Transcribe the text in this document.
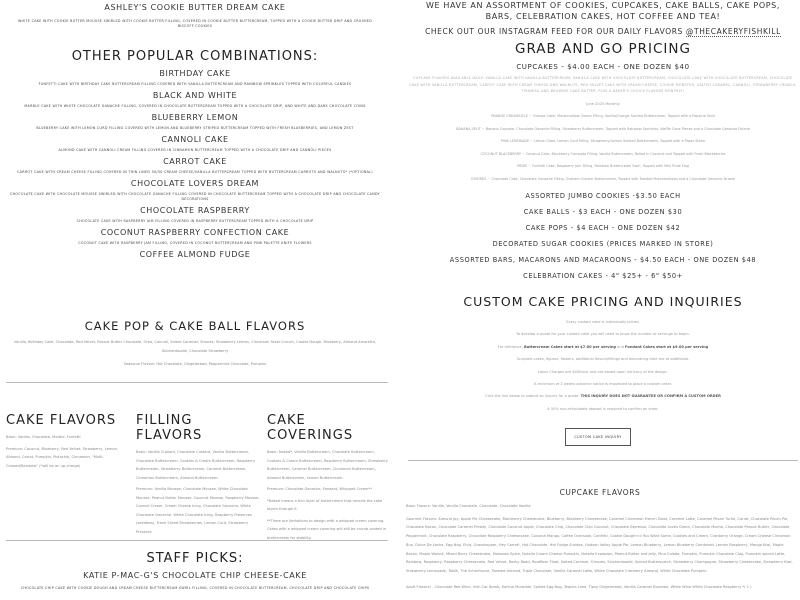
ASHLEY'S COOKIE BUTTER DREAM CAKE
WHITE CAKE WITH COOKIE BUTTER MOUSSE SWIRLED WITH COOKIE BUTTER FILLING, COVERED IN COOKIE BUTTER BUTTERCREAM, TOPPED WITH A COOKIE BUTTER DRIP AND CRUSHED BISCOFF COOKIES
OTHER POPULAR COMBINATIONS:
BIRTHDAY CAKE
FUNFETTI CAKE WITH BIRTHDAY CAKE BUTTERCREAM FILLING COVERED WITH VANILLA BUTTERCREAM AND RAINBOW SPRINKLES TOPPED WITH COLORFUL CANDIES
BLACK AND WHITE
MARBLE CAKE WITH WHITE CHOCOLATE GANACHE FILLING, COVERED IN CHOCOLATE BUTTERCREAM TOPPED WITH A CHOCOLATE DRIP, AND WHITE AND DARK CHOCOLATE COINS
BLUEBERRY LEMON
BLUEBERRY CAKE WITH LEMON CURD FILLING COVERED WITH LEMON AND BLUEBERRY STRIPED BUTTERCREAM TOPPED WITH FRESH BLUEBERRIES, AND LEMON ZEST
CANNOLI CAKE
ALMOND CAKE WITH CANNOLI CREAM FILLING COVERED IN CINNAMON BUTTERCREAM TOPPED WITH A CHOCOLATE DRIP AND CANNOLI PIECES
CARROT CAKE
CARROT CAKE WITH CREAM CHEESE FILLING COVERED IN THIN LINED 50/50 CREAM CHEESE/VANILLA BUTTERCREAM TOPPED WITH BUTTERCREAM CARROTS AND WALNUTS* (*OPTIONAL)
CHOCOLATE LOVERS DREAM
CHOCOLATE CAKE WITH CHOCOLATE MOUSSE SWIRLED WITH CHOCOLATE GANACHE FILLING COVERED IN CHOCOLATE BUTTERCREAM TOPPED WITH A CHOCOLATE DRIP AND CHOCOLATE CANDY DECORATIONS
CHOCOLATE RASPBERRY
CHOCOLATE CAKE WITH RASPBERRY JAM FILLING COVERED IN RASPBERRY BUTTERCREAM TOPPED WITH A CHOCOLATE DRIP
COCONUT RASPBERRY CONFECTION CAKE
COCONUT CAKE WITH RASPBERRY JAM FILLING, COVERED IN COCONUT BUTTERCREAM AND PINK PALETTE KNIFE FLOWERS
COFFEE ALMOND FUDGE
CAKE POP & CAKE BALL FLAVORS
Vanilla, Birthday Cake, Chocolate, Red Velvet, Peanut Butter Chocolate, Oreo, Cannoli, Salted Caramel, Smores, Strawberry Lemon, Cinnamon Toast Crunch, Cookie Dough, Blueberry, Almond Amaretto, Snickerdoodle, Chocolate Strawberry
Seasonal Flavors: Hot Chocolate, Gingerbread, Peppermint Chocolate, Pumpkin
CAKE FLAVORS
Basic: Vanilla, Chocolate, Marble, Funfetti
Premium: Coconut, Blueberry, Red Velvet, Strawberry, Lemon, Almond, Carrot, Pumpkin, Pistachio, Cinnamon, "Multi-Colored/Rainbow" (*will be an up-charge)
FILLING FLAVORS
Basic: Vanilla Custard, Chocolate Custard, Vanilla Buttercream, Chocolate Buttercream, Cookies & Cream Buttercream, Raspberry Buttercream, Strawberry Buttercream, Caramel Buttercream, Cinnamon Buttercream, Almond Buttercream.
Premium: Vanilla Mousse, Chocolate Mousse, White Chocolate Mousse, Peanut Butter Mousse, Coconut Mousse, Raspberry Mousse, Cannoli Cream, Cream Cheese Icing, Chocolate Ganache, White Chocolate Ganache, White Chocolate Icing, Raspberry Preserves (seedless), Fresh Sliced Strawberries, Lemon Curd, Strawberry Preserve
CAKE COVERINGS
Basic: Naked*, Vanilla Buttercream, Chocolate Buttercream, Cookies & Cream Buttercream, Raspberry Buttercream, Strawberry Buttercream, Caramel Buttercream, Cinnamon Buttercream, Almond Buttercream, Lemon Buttercream.
Premium: Chocolate Ganache, Fondant, Whipped Cream**
*Naked means a thin layer of buttercream that reveals the cake layers through it.
**There are limitations to design with a whipped cream covering. Cakes with a whipped cream covering will still be crumb coated in buttercream for stability.
STAFF PICKS:
KATIE P-MAC-G'S CHOCOLATE CHIP CHEESE-CAKE
CHOCOLATE CHIP CAKE WITH COOKIE DOUGH AND CREAM CHEESE BUTTERCREAM SWIRL FILLING, COVERED IN CHOCOLATE BUTTERCREAM, CHOCOLATE DRIP AND CHOCOLATE CHIPS
WE HAVE AN ASSORTMENT OF COOKIES, CUPCAKES, CAKE BALLS, CAKE POPS, BARS, CELEBRATION CAKES, HOT COFFEE AND TEA!
CHECK OUT OUR INSTAGRAM FEED FOR OUR DAILY FLAVORS @THECAKERYFISHKILL
GRAB AND GO PRICING
CUPCAKES - $4.00 EACH - ONE DOZEN $40
CUPCAKE FLAVORS AVAILABLE DAILY: VANILLA CAKE WITH VANILLA BUTTERCREAM, VANILLA CAKE WITH CHOCOLATE BUTTERCREAM, CHOCOLATE CAKE WITH CHOCOLATE BUTTERCREAM, CHOCOLATE CAKE WITH VANILLA BUTTERCREAM, CARROT CAKE WITH CREAM CHEESE AND WALNUTS, RED VELVET CAKE WITH CREAM CHEESE, COOKIE MONSTER, SALTED CARAMEL, CANNOLI, STRAWBERRY CRUNCH, TIRAMISU AND BROWNIE CAKE BATTER. PLUS A BAKER'S CHOICE FLAVORS MONTHLY!
June 2025 Monthly
ORANGE CREAMSICLE ~ Orange Cake, Marshmallow Cream Filling, Vanilla/Orange Swirled Buttercream, Topped with a Popsicle Stick
BANANA SPLIT ~ Banana Cupcake, Chocolate Ganache Filling, Strawberry Buttercream, Topped with Rainbow Sprinkles, Waffle Cone Pieces and a Chocolate Ganache Drizzle
PINK LEMONADE ~ Lemon Cake, Lemon Curd Filling, Strawberry/Lemon Swirled Buttercream, Topped with a Paper Straw
COCONUT BLACKBERRY ~ Coconut Cake, Blackberry Compote Filling, Vanilla Buttercream, Rolled in Coconut and Topped with Fresh Blackberries
PRIDE ~ Funfetti Cake, Raspberry Jam Filling, Rainbow Buttercream Swirl, Topped with Mini Pride Flag
S'MORES ~ Chocolate Cake, Chocolate Ganache Filling, Graham Cracker Buttercream, Topped with Toasted Marshmallows and a Chocolate Ganache Drizzle
ASSORTED JUMBO COOKIES -$3.50 EACH
CAKE BALLS - $3 EACH - ONE DOZEN $30
CAKE POPS - $4 EACH - ONE DOZEN $42
DECORATED SUGAR COOKIES (PRICES MARKED IN STORE)
ASSORTED BARS, MACARONS AND MACAROONS - $4.50 EACH - ONE DOZEN $48
CELEBRATION CAKES - 4" $25+ - 6" $50+
CUSTOM CAKE PRICING AND INQUIRIES
Every custom cake is individually priced.
To develop a quote for your custom cake you will need to know the number of servings to begin.
For reference, Buttercream Cakes start at $7.00 per serving and Fondant Cakes start at $9.00 per serving
Sculpted cakes, figures, flowers, additional flavors/fillings and decorating time are at additional.
Labor Charges are $40/hour and are based upon intricacy of the design.
A minimum of 2 weeks advance notice is requested to place a custom order.
Click the link below to submit an inquiry for a quote. THIS INQUIRY DOES NOT GUARANTEE OR CONFIRM A CUSTOM ORDER
A 50% non-refundable deposit is required to confirm an order.
CUSTOM CAKE INQUIRY
CUPCAKE FLAVORS
Basic Flavors: Vanilla, Vanilla Chocolate, Chocolate, Chocolate Vanilla
Gourmet Flavors: Almond Joy, Apple Pie Cheesecake, Blackberry Cheesecake, Blueberry, Blueberry Cheesecake, Caramel Cinnamon French Toast, Caramel Latte, Caramel Pecan Turtle, Carrot, Chocolate Pecan Pie, Chocolate Bacon, Chocolate Caramel Pretzel, Chocolate Coconut Apple, Chocolate Chip, Chocolate Chip Coconut, Chocolate Espresso, Chocolate Loves Green, Chocolate Mocha, Chocolate Peanut Butter, Chocolate Peppermint, Chocolate Raspberry, Chocolate Raspberry Cheesecake, Coconut Mango, Coffee Oversoak, Confetti, Cookie Dough'n'd You Want Some, Cookies and Cream, Cranberry Orange, Cream Cheese Cinnamon Bun, Dulce De Leche, Egg Nog, Elvis, Grasshopper, Hey Carrot!, Hot Chocolate, Hot Fudge Sundae, Hudson Valley Apple Pie, Lemon Blueberry, Lemon Blueberry Combined, Lemon Raspberry, Mango Kiwi, Maple Bacon, Maple Walnut, Mixed Berry Cheesecake, Molasses Spice, Nutella Cream Cheese Pumpkin, Nutella Explosion, Peanut Butter and Jelly, Pina Colada, Pumpkin, Pumpkin Chocolate Chip, Pumpkin spiced Latte, Rainbow, Raspberry, Raspberry Cheesecake, Red Velvet, Rocky Road, RootBeer Float, Salted Caramel, S'mores, Snickerdoodle, Spiced Butterscotch, Strawberry Champagne, Strawberry Cheesecake, Strawberry Kiwi, Strawberry Lemonade, Takilk, The Scharfnucle, Toasted Almond, Triple Chocolate, Vanilla Caramel Latte, White Chocolate Cranberry Almond, White Chocolate Pumpkin.
Adult Flavors! - Chocolate Red Wine, Irish Car Bomb, Kahlua Mudslide, Spiked Egg Nog, Tequila Lime, Tipsy Gingerbread, Vanilla Caramel Bourbon, White Wine White Chocolate Raspberry *( 1 )
